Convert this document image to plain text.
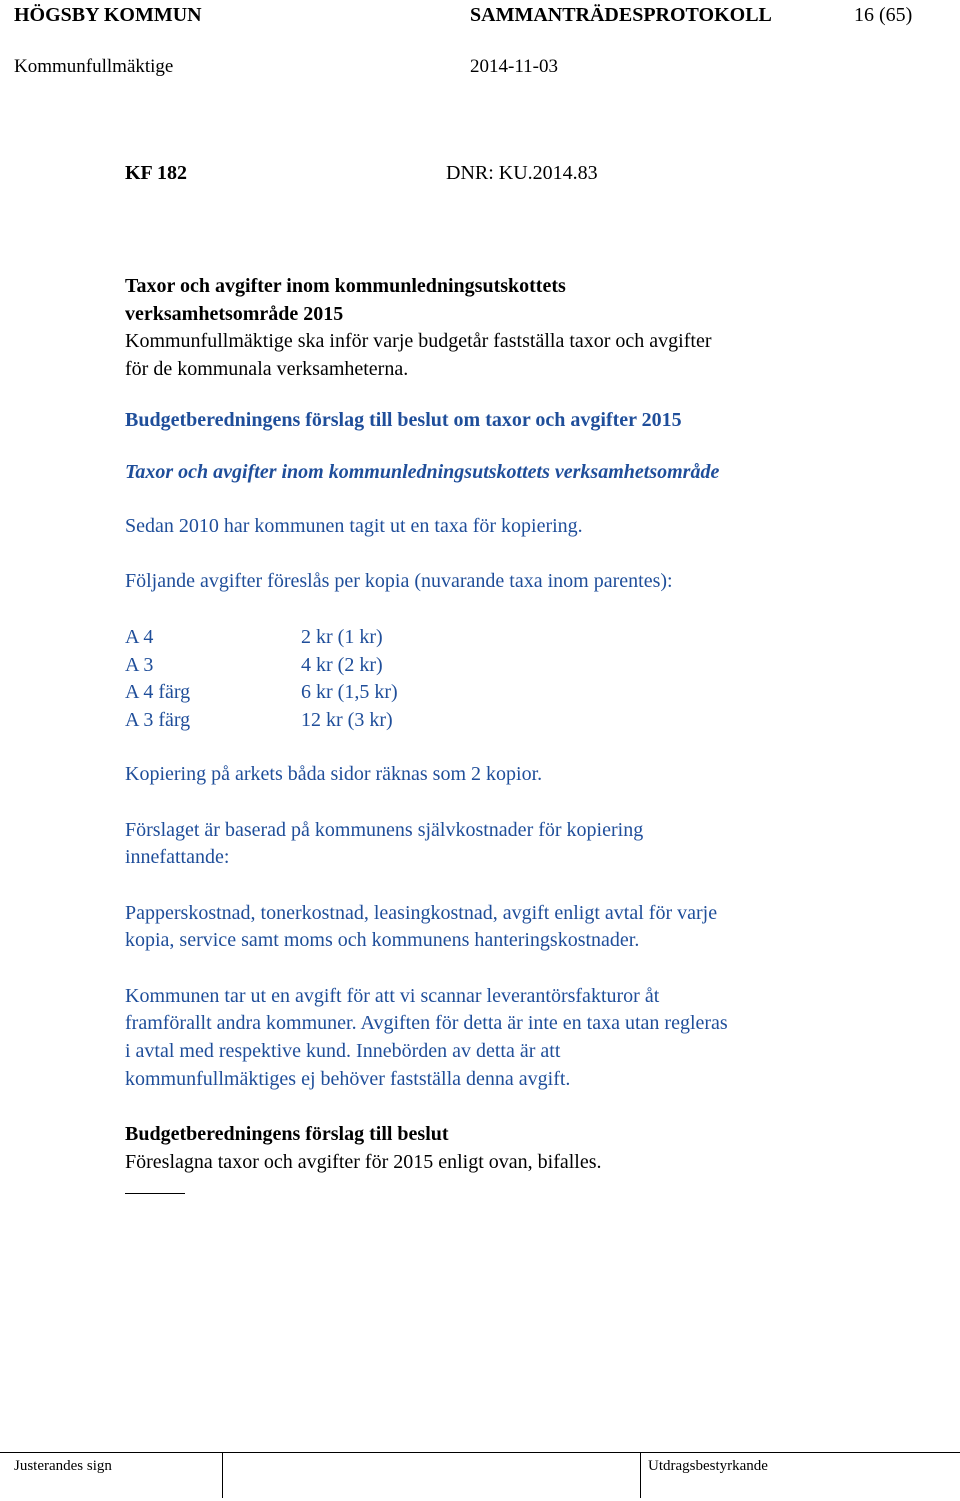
HÖGSBY KOMMUN	SAMMANTRÄDESPROTOKOLL	16 (65)
Kommunfullmäktige	2014-11-03
KF 182	DNR: KU.2014.83
Taxor och avgifter inom kommunledningsutskottets
verksamhetsområde 2015
Kommunfullmäktige ska inför varje budgetår fastställa taxor och avgifter
för de kommunala verksamheterna.
Budgetberedningens förslag till beslut om taxor och avgifter 2015
Taxor och avgifter inom kommunledningsutskottets verksamhetsområde
Sedan 2010 har kommunen tagit ut en taxa för kopiering.
Följande avgifter föreslås per kopia (nuvarande taxa inom parentes):
A 4	2 kr (1 kr)
A 3	4 kr (2 kr)
A 4 färg	6 kr (1,5 kr)
A 3 färg	12 kr (3 kr)
Kopiering på arkets båda sidor räknas som 2 kopior.
Förslaget är baserad på kommunens självkostnader för kopiering
innefattande:
Papperskostnad, tonerkostnad, leasingkostnad, avgift enligt avtal för varje
kopia, service samt moms och kommunens hanteringskostnader.
Kommunen tar ut en avgift för att vi scannar leverantörsfakturor åt
framförallt andra kommuner. Avgiften för detta är inte en taxa utan regleras
i avtal med respektive kund. Innebörden av detta är att
kommunfullmäktiges ej behöver fastställa denna avgift.
Budgetberedningens förslag till beslut
Föreslagna taxor och avgifter för 2015 enligt ovan, bifalles.
Justerandes sign	Utdragsbestyrkande
